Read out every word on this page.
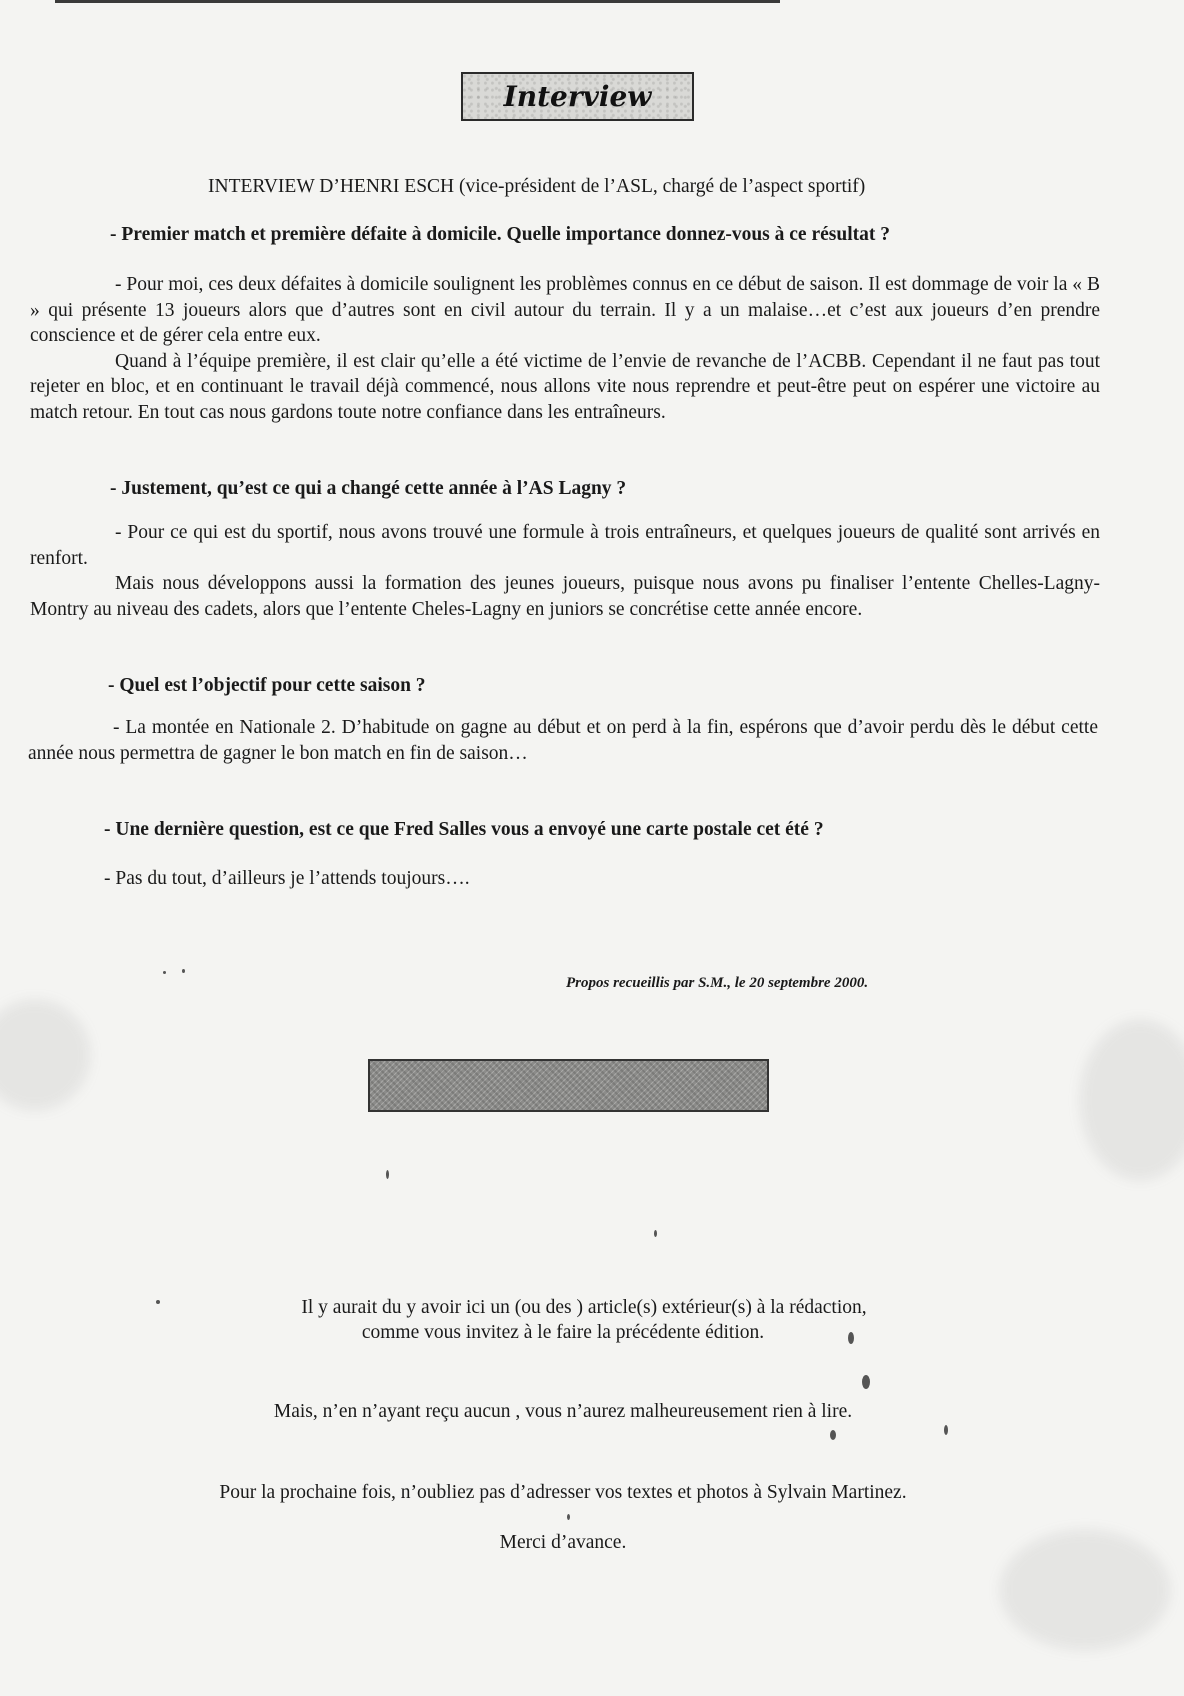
Interview

INTERVIEW D’HENRI ESCH (vice-président de l’ASL, chargé de l’aspect sportif)

- Premier match et première défaite à domicile. Quelle importance donnez-vous à ce résultat ?

- Pour moi, ces deux défaites à domicile soulignent les problèmes connus en ce début de saison. Il est dommage de voir la « B » qui présente 13 joueurs alors que d’autres sont en civil autour du terrain. Il y a un malaise…et c’est aux joueurs d’en prendre conscience et de gérer cela entre eux.
Quand à l’équipe première, il est clair qu’elle a été victime de l’envie de revanche de l’ACBB. Cependant il ne faut pas tout rejeter en bloc, et en continuant le travail déjà commencé, nous allons vite nous reprendre et peut-être peut on espérer une victoire au match retour. En tout cas nous gardons toute notre confiance dans les entraîneurs.

- Justement, qu’est ce qui a changé cette année à l’AS Lagny ?

- Pour ce qui est du sportif, nous avons trouvé une formule à trois entraîneurs, et quelques joueurs de qualité sont arrivés en renfort.
Mais nous développons aussi la formation des jeunes joueurs, puisque nous avons pu finaliser l’entente Chelles-Lagny-Montry au niveau des cadets, alors que l’entente Cheles-Lagny en juniors se concrétise cette année encore.

- Quel est l’objectif pour cette saison ?

- La montée en Nationale 2. D’habitude on gagne au début et on perd à la fin, espérons que d’avoir perdu dès le début cette année nous permettra de gagner le bon match en fin de saison…

- Une dernière question, est ce que Fred Salles vous a envoyé une carte postale cet été ?

- Pas du tout, d’ailleurs je l’attends toujours….

Propos recueillis par S.M., le 20 septembre 2000.

Il y aurait du y avoir ici un (ou des ) article(s) extérieur(s) à la rédaction,

comme vous invitez à le faire la précédente édition.

Mais, n’en n’ayant reçu aucun , vous n’aurez malheureusement rien à lire.

Pour la prochaine fois, n’oubliez pas d’adresser vos textes et photos à Sylvain Martinez.

Merci d’avance.
